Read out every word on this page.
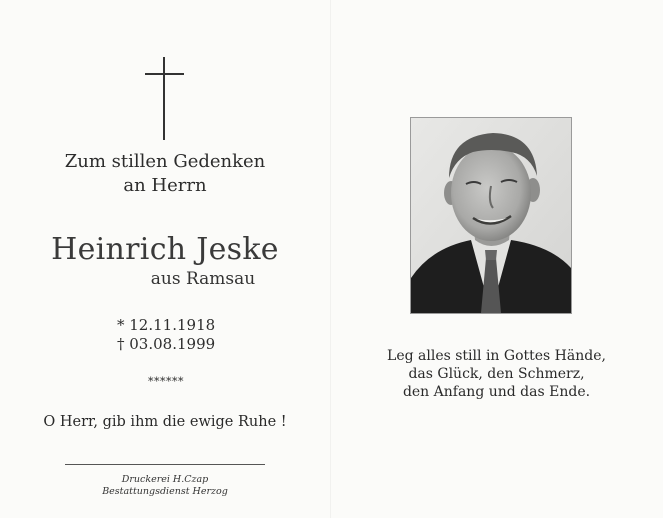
Zum stillen Gedenken
an Herrn
Heinrich Jeske
aus Ramsau
* 12.11.1918
† 03.08.1999
******
O Herr, gib ihm die ewige Ruhe !
Druckerei H.Czap
Bestattungsdienst Herzog
Leg alles still in Gottes Hände,
das Glück, den Schmerz,
den Anfang und das Ende.
